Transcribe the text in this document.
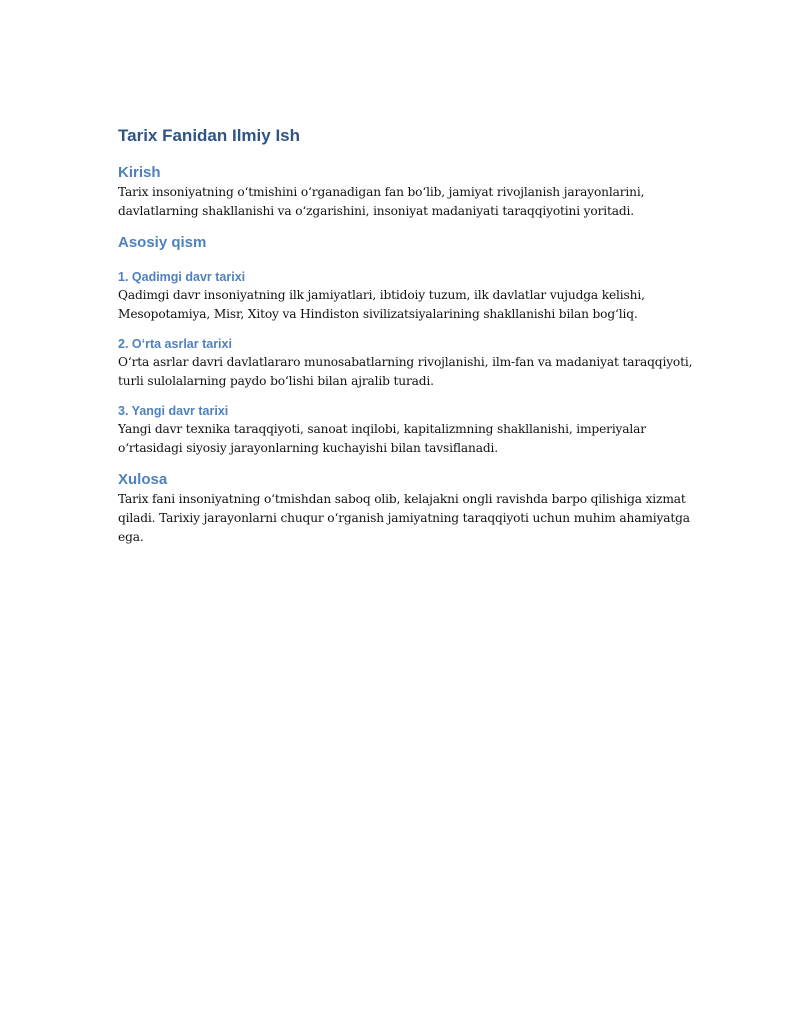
Tarix Fanidan Ilmiy Ish
Kirish

Tarix insoniyatning o‘tmishini o‘rganadigan fan bo‘lib, jamiyat rivojlanish jarayonlarini,
davlatlarning shakllanishi va o‘zgarishini, insoniyat madaniyati taraqqiyotini yoritadi.

Asosiy qism
1. Qadimgi davr tarixi

Qadimgi davr insoniyatning ilk jamiyatlari, ibtidoiy tuzum, ilk davlatlar vujudga kelishi,
Mesopotamiya, Misr, Xitoy va Hindiston sivilizatsiyalarining shakllanishi bilan bog‘liq.

2. O‘rta asrlar tarixi

O‘rta asrlar davri davlatlararo munosabatlarning rivojlanishi, ilm-fan va madaniyat taraqqiyoti,
turli sulolalarning paydo bo‘lishi bilan ajralib turadi.

3. Yangi davr tarixi

Yangi davr texnika taraqqiyoti, sanoat inqilobi, kapitalizmning shakllanishi, imperiyalar
o‘rtasidagi siyosiy jarayonlarning kuchayishi bilan tavsiflanadi.

Xulosa

Tarix fani insoniyatning o‘tmishdan saboq olib, kelajakni ongli ravishda barpo qilishiga xizmat
qiladi. Tarixiy jarayonlarni chuqur o‘rganish jamiyatning taraqqiyoti uchun muhim ahamiyatga
ega.
